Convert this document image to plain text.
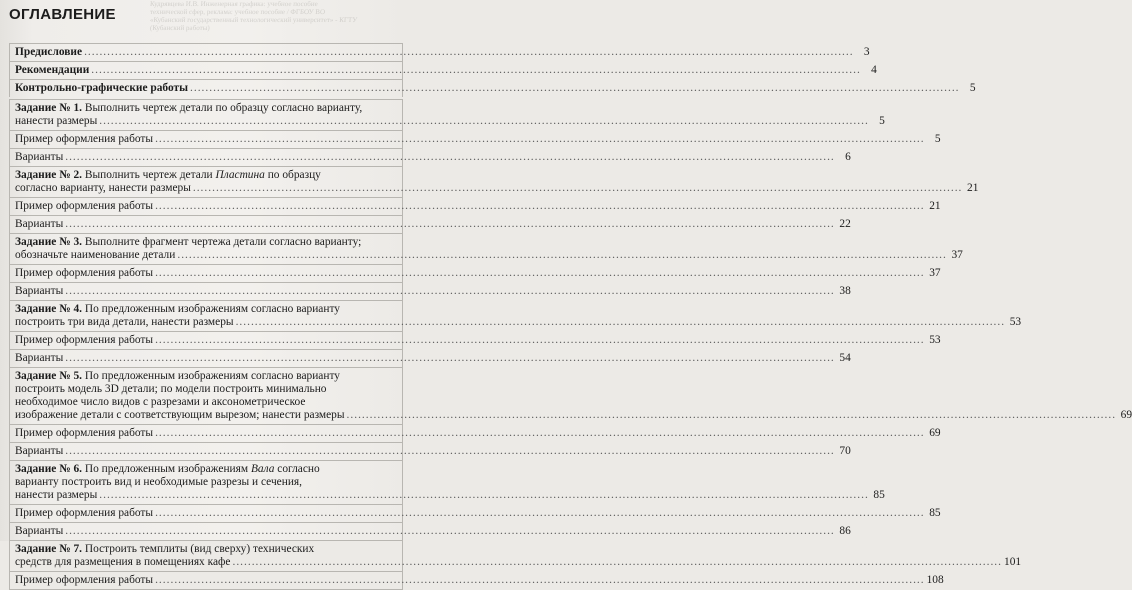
Кудрявцева И.В. Инженерная графика: учебное пособие
технической сфер, реклама: учебное пособие / ФГБОУ ВО
«Кубанский государственный технологический университет» - КГТУ
(Кубанский работы)
ОГЛАВЛЕНИЕ
Предисловие ........................................................................................................................................................................................................ 3
Рекомендации ........................................................................................................................................................................................................ 4
Контрольно-графические работы ........................................................................................................................................................................................................ 5
Задание № 1. Выполнить чертеж детали по образцу согласно варианту,
нанести размеры ........................................................................................................................................................................................................ 5
Пример оформления работы ........................................................................................................................................................................................................ 5
Варианты ........................................................................................................................................................................................................ 6
Задание № 2. Выполнить чертеж детали Пластина по образцу
согласно варианту, нанести размеры ........................................................................................................................................................................................................ 21
Пример оформления работы ........................................................................................................................................................................................................ 21
Варианты ........................................................................................................................................................................................................ 22
Задание № 3. Выполните фрагмент чертежа детали согласно варианту;
обозначьте наименование детали ........................................................................................................................................................................................................ 37
Пример оформления работы ........................................................................................................................................................................................................ 37
Варианты ........................................................................................................................................................................................................ 38
Задание № 4. По предложенным изображениям согласно варианту
построить три вида детали, нанести размеры ........................................................................................................................................................................................................ 53
Пример оформления работы ........................................................................................................................................................................................................ 53
Варианты ........................................................................................................................................................................................................ 54
Задание № 5. По предложенным изображениям согласно варианту
построить модель 3D детали; по модели построить минимально
необходимое число видов с разрезами и аксонометрическое
изображение детали с соответствующим вырезом; нанести размеры ........................................................................................................................................................................................................ 69
Пример оформления работы ........................................................................................................................................................................................................ 69
Варианты ........................................................................................................................................................................................................ 70
Задание № 6. По предложенным изображениям Вала согласно
варианту построить вид и необходимые разрезы и сечения,
нанести размеры ........................................................................................................................................................................................................ 85
Пример оформления работы ........................................................................................................................................................................................................ 85
Варианты ........................................................................................................................................................................................................ 86
Задание № 7. Построить темплиты (вид сверху) технических
средств для размещения в помещениях кафе ........................................................................................................................................................................................................ 101
Пример оформления работы ........................................................................................................................................................................................................ 108
